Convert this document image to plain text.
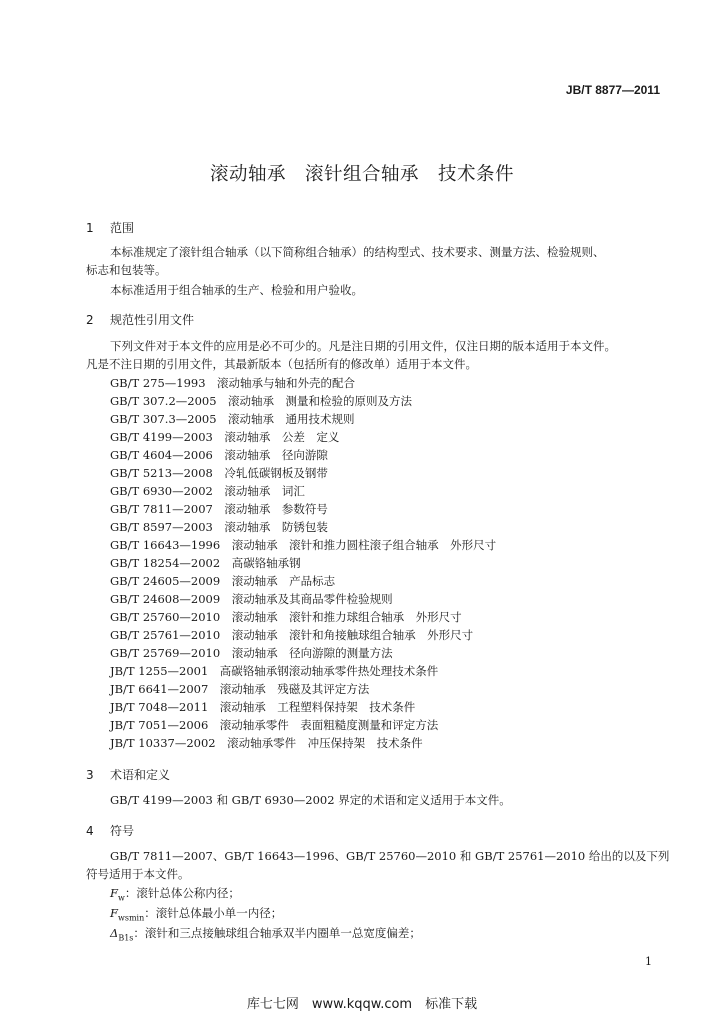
JB/T 8877—2011
滚动轴承　滚针组合轴承　技术条件
1 范围
本标准规定了滚针组合轴承（以下简称组合轴承）的结构型式、技术要求、测量方法、检验规则、
标志和包装等。
本标准适用于组合轴承的生产、检验和用户验收。
2 规范性引用文件
下列文件对于本文件的应用是必不可少的。凡是注日期的引用文件，仅注日期的版本适用于本文件。
凡是不注日期的引用文件，其最新版本（包括所有的修改单）适用于本文件。
GB/T 275—1993　滚动轴承与轴和外壳的配合
GB/T 307.2—2005　滚动轴承　测量和检验的原则及方法
GB/T 307.3—2005　滚动轴承　通用技术规则
GB/T 4199—2003　滚动轴承　公差　定义
GB/T 4604—2006　滚动轴承　径向游隙
GB/T 5213—2008　冷轧低碳钢板及钢带
GB/T 6930—2002　滚动轴承　词汇
GB/T 7811—2007　滚动轴承　参数符号
GB/T 8597—2003　滚动轴承　防锈包装
GB/T 16643—1996　滚动轴承　滚针和推力圆柱滚子组合轴承　外形尺寸
GB/T 18254—2002　高碳铬轴承钢
GB/T 24605—2009　滚动轴承　产品标志
GB/T 24608—2009　滚动轴承及其商品零件检验规则
GB/T 25760—2010　滚动轴承　滚针和推力球组合轴承　外形尺寸
GB/T 25761—2010　滚动轴承　滚针和角接触球组合轴承　外形尺寸
GB/T 25769—2010　滚动轴承　径向游隙的测量方法
JB/T 1255—2001　高碳铬轴承钢滚动轴承零件热处理技术条件
JB/T 6641—2007　滚动轴承　残磁及其评定方法
JB/T 7048—2011　滚动轴承　工程塑料保持架　技术条件
JB/T 7051—2006　滚动轴承零件　表面粗糙度测量和评定方法
JB/T 10337—2002　滚动轴承零件　冲压保持架　技术条件
3 术语和定义
GB/T 4199—2003 和 GB/T 6930—2002 界定的术语和定义适用于本文件。
4 符号
GB/T 7811—2007、GB/T 16643—1996、GB/T 25760—2010 和 GB/T 25761—2010 给出的以及下列
符号适用于本文件。
$F_w$：滚针总体公称内径；
$F_{wsmin}$：滚针总体最小单一内径；
$\Delta_{B1s}$：滚针和三点接触球组合轴承双半内圈单一总宽度偏差；
1
库七七网　www.kqqw.com　标准下载
